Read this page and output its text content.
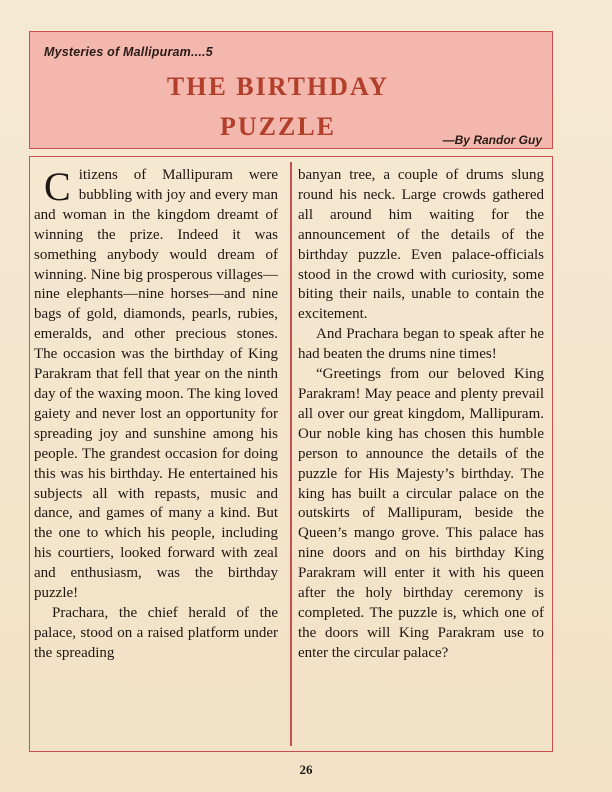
Mysteries of Mallipuram....5
THE BIRTHDAY
PUZZLE	—By Randor Guy

Citizens of Mallipuram were bubbling with joy and every man and woman in the kingdom dreamt of winning the prize. Indeed it was something anybody would dream of winning. Nine big prosperous villages—nine elephants—nine horses—and nine bags of gold, diamonds, pearls, rubies, emeralds, and other precious stones. The occasion was the birthday of King Parakram that fell that year on the ninth day of the waxing moon. The king loved gaiety and never lost an opportunity for spreading joy and sunshine among his people. The grandest occasion for doing this was his birthday. He entertained his subjects all with repasts, music and dance, and games of many a kind. But the one to which his people, including his courtiers, looked forward with zeal and enthusiasm, was the birthday puzzle!

Prachara, the chief herald of the palace, stood on a raised platform under the spreading

banyan tree, a couple of drums slung round his neck. Large crowds gathered all around him waiting for the announcement of the details of the birthday puzzle. Even palace-officials stood in the crowd with curiosity, some biting their nails, unable to contain the excitement.

And Prachara began to speak after he had beaten the drums nine times!

“Greetings from our beloved King Parakram! May peace and plenty prevail all over our great kingdom, Mallipuram. Our noble king has chosen this humble person to announce the details of the puzzle for His Majesty’s birthday. The king has built a circular palace on the outskirts of Mallipuram, beside the Queen’s mango grove. This palace has nine doors and on his birthday King Parakram will enter it with his queen after the holy birthday ceremony is completed. The puzzle is, which one of the doors will King Parakram use to enter the circular palace?

26
